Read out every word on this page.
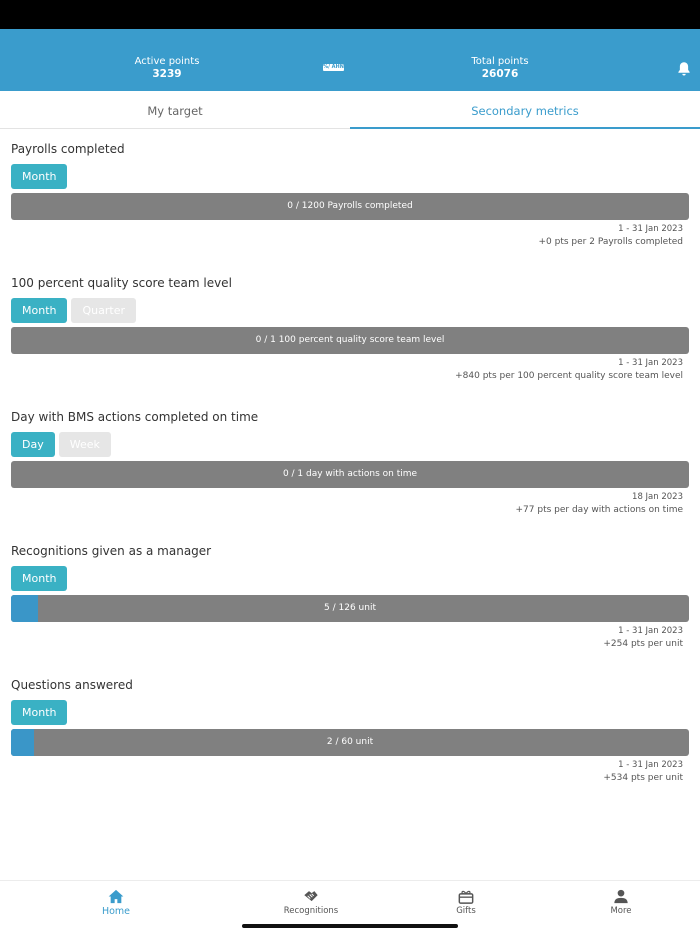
Active points
3239
%/ AHN	Total points
26076
My target	Secondary metrics
Payrolls completed
Month
0 / 1200 Payrolls completed
1 - 31 Jan 2023
+0 pts per 2 Payrolls completed
100 percent quality score team level
Month Quarter
0 / 1 100 percent quality score team level
1 - 31 Jan 2023
+840 pts per 100 percent quality score team level
Day with BMS actions completed on time
Day Week
0 / 1 day with actions on time
18 Jan 2023
+77 pts per day with actions on time
Recognitions given as a manager
Month
5 / 126 unit
1 - 31 Jan 2023
+254 pts per unit
Questions answered
Month
2 / 60 unit
1 - 31 Jan 2023
+534 pts per unit
Home	Recognitions	Gifts	More
